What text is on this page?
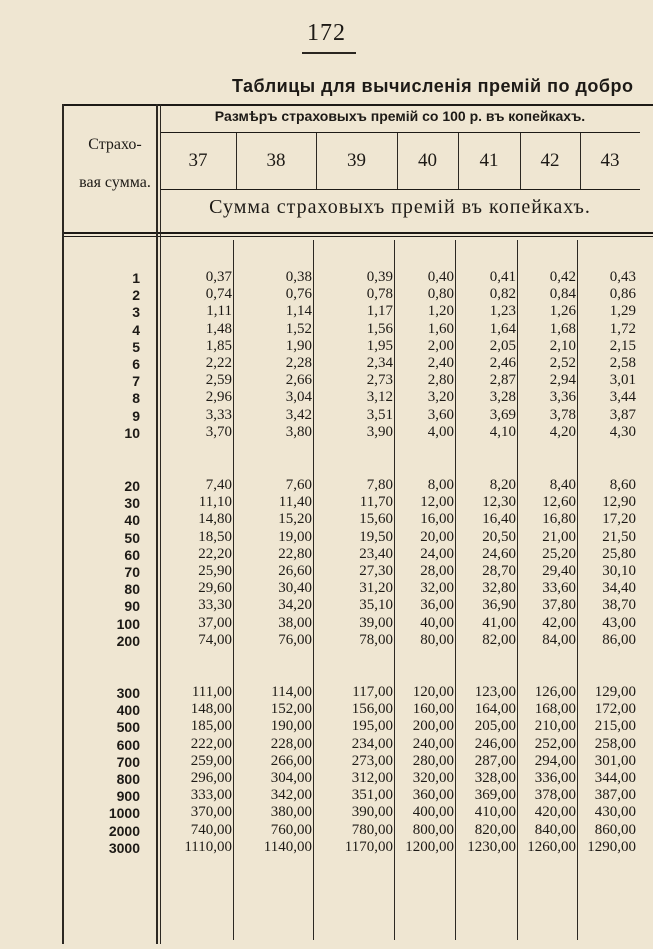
172
Таблицы для вычисленія премій по добро
Страхо-
вая сумма.
Размѣръ страховыхъ премій со 100 р. въ копейкахъ.
Сумма страховыхъ премій въ копейкахъ.
37	38	39	40	41	42	43
1	0,37	0,38	0,39	0,40	0,41	0,42	0,43
2	0,74	0,76	0,78	0,80	0,82	0,84	0,86
3	1,11	1,14	1,17	1,20	1,23	1,26	1,29
4	1,48	1,52	1,56	1,60	1,64	1,68	1,72
5	1,85	1,90	1,95	2,00	2,05	2,10	2,15
6	2,22	2,28	2,34	2,40	2,46	2,52	2,58
7	2,59	2,66	2,73	2,80	2,87	2,94	3,01
8	2,96	3,04	3,12	3,20	3,28	3,36	3,44
9	3,33	3,42	3,51	3,60	3,69	3,78	3,87
10	3,70	3,80	3,90	4,00	4,10	4,20	4,30
20	7,40	7,60	7,80	8,00	8,20	8,40	8,60
30	11,10	11,40	11,70	12,00	12,30	12,60	12,90
40	14,80	15,20	15,60	16,00	16,40	16,80	17,20
50	18,50	19,00	19,50	20,00	20,50	21,00	21,50
60	22,20	22,80	23,40	24,00	24,60	25,20	25,80
70	25,90	26,60	27,30	28,00	28,70	29,40	30,10
80	29,60	30,40	31,20	32,00	32,80	33,60	34,40
90	33,30	34,20	35,10	36,00	36,90	37,80	38,70
100	37,00	38,00	39,00	40,00	41,00	42,00	43,00
200	74,00	76,00	78,00	80,00	82,00	84,00	86,00
300	111,00	114,00	117,00	120,00	123,00	126,00	129,00
400	148,00	152,00	156,00	160,00	164,00	168,00	172,00
500	185,00	190,00	195,00	200,00	205,00	210,00	215,00
600	222,00	228,00	234,00	240,00	246,00	252,00	258,00
700	259,00	266,00	273,00	280,00	287,00	294,00	301,00
800	296,00	304,00	312,00	320,00	328,00	336,00	344,00
900	333,00	342,00	351,00	360,00	369,00	378,00	387,00
1000	370,00	380,00	390,00	400,00	410,00	420,00	430,00
2000	740,00	760,00	780,00	800,00	820,00	840,00	860,00
3000	1110,00	1140,00	1170,00 1200,00 1230,00 1260,00 1290,00
